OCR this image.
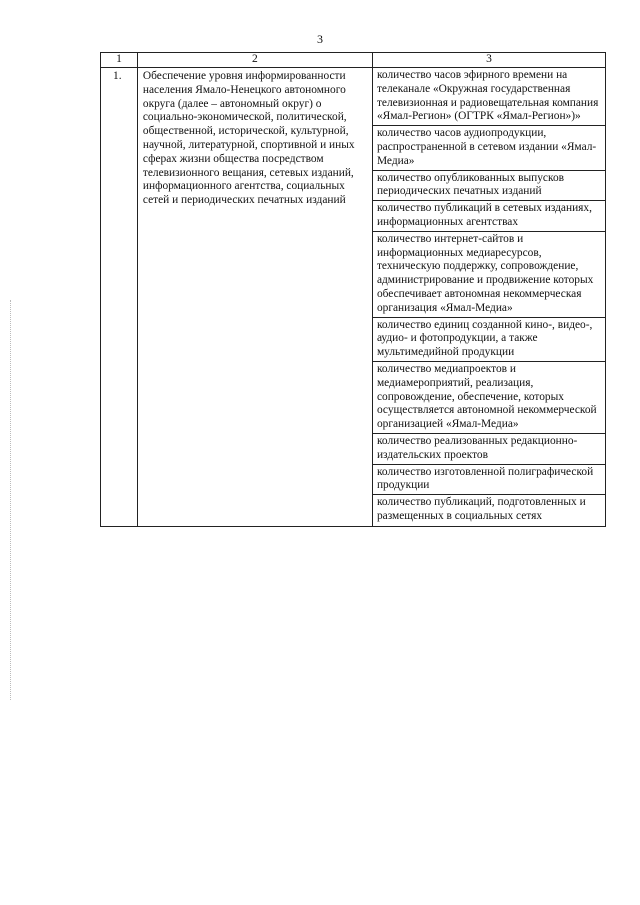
3
1	2	3
1.	Обеспечение уровня информированности населения Ямало-Ненецкого автономного округа (далее – автономный округ) о социально-экономической, политической, общественной, исторической, культурной, научной, литературной, спортивной и иных сферах жизни общества посредством телевизионного вещания, сетевых изданий, информационного агентства, социальных сетей и периодических печатных изданий	количество часов эфирного времени на телеканале «Окружная государственная телевизионная и радиовещательная компания «Ямал-Регион» (ОГТРК «Ямал-Регион»)»
		количество часов аудиопродукции, распространенной в сетевом издании «Ямал-Медиа»
		количество опубликованных выпусков периодических печатных изданий
		количество публикаций в сетевых изданиях, информационных агентствах
		количество интернет-сайтов и информациoнных медиаресурсов, техническую поддержку, сопровождение, администрирование и продвижение которых обеспечивает автономная некоммерческая организация «Ямал-Медиа»
		количество единиц созданной кино-, видео-, аудио- и фотопродукции, а также мультимедийной продукции
		количество медиапроектов и медиамероприятий, реализация, сопровождение, обеспечение, которых осуществляется автономной некоммерческой организацией «Ямал-Медиа»
		количество реализованных редакционно-издательских проектов
		количество изготовленной полиграфической продукции
		количество публикаций, подготовленных и размещенных в социальных сетях
